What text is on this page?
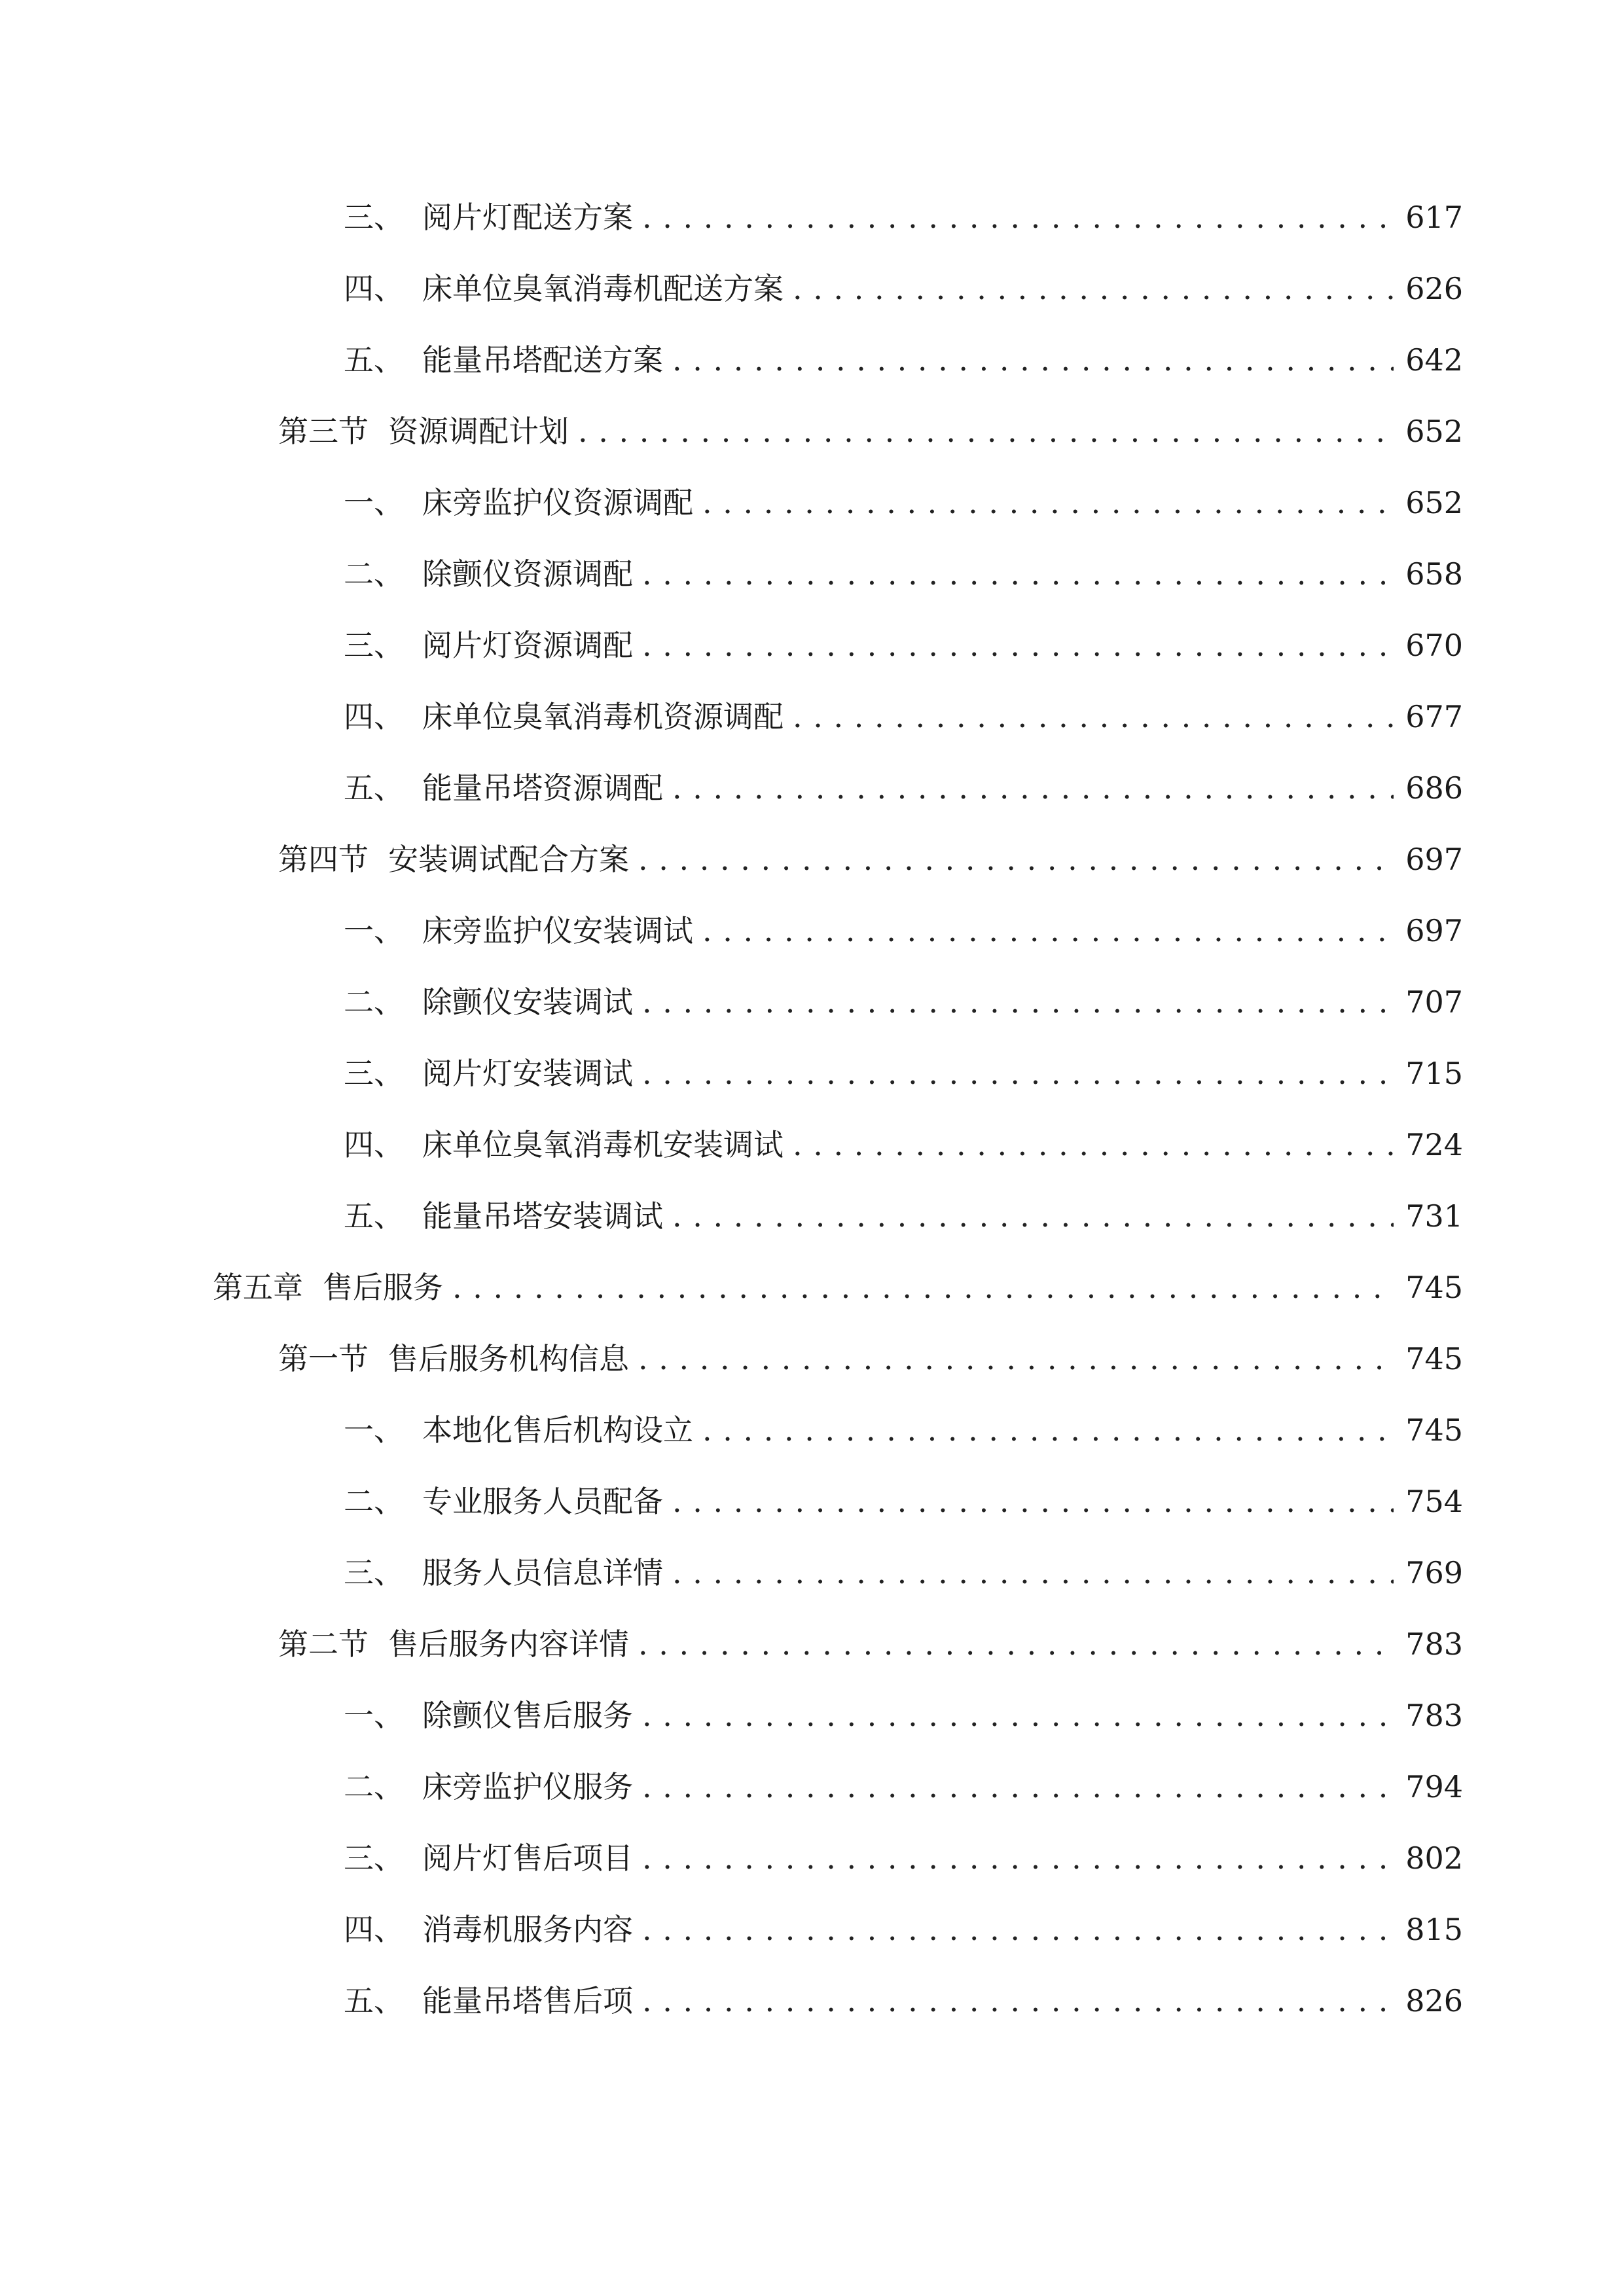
三、 阅片灯配送方案 . . .	617
四、 床单位臭氧消毒机配送方案 . . .	626
五、 能量吊塔配送方案 . . .	642
第三节 资源调配计划 . . .	652
一、 床旁监护仪资源调配 . . .	652
二、 除颤仪资源调配 . . .	658
三、 阅片灯资源调配 . . .	670
四、 床单位臭氧消毒机资源调配 . . .	677
五、 能量吊塔资源调配 . . .	686
第四节 安装调试配合方案 . . .	697
一、 床旁监护仪安装调试 . . .	697
二、 除颤仪安装调试 . . .	707
三、 阅片灯安装调试 . . .	715
四、 床单位臭氧消毒机安装调试 . . .	724
五、 能量吊塔安装调试 . . .	731
第五章 售后服务 . . .	745
第一节 售后服务机构信息 . . .	745
一、 本地化售后机构设立 . . .	745
二、 专业服务人员配备 . . .	754
三、 服务人员信息详情 . . .	769
第二节 售后服务内容详情 . . .	783
一、 除颤仪售后服务 . . .	783
二、 床旁监护仪服务 . . .	794
三、 阅片灯售后项目 . . .	802
四、 消毒机服务内容 . . .	815
五、 能量吊塔售后项 . . .	826
